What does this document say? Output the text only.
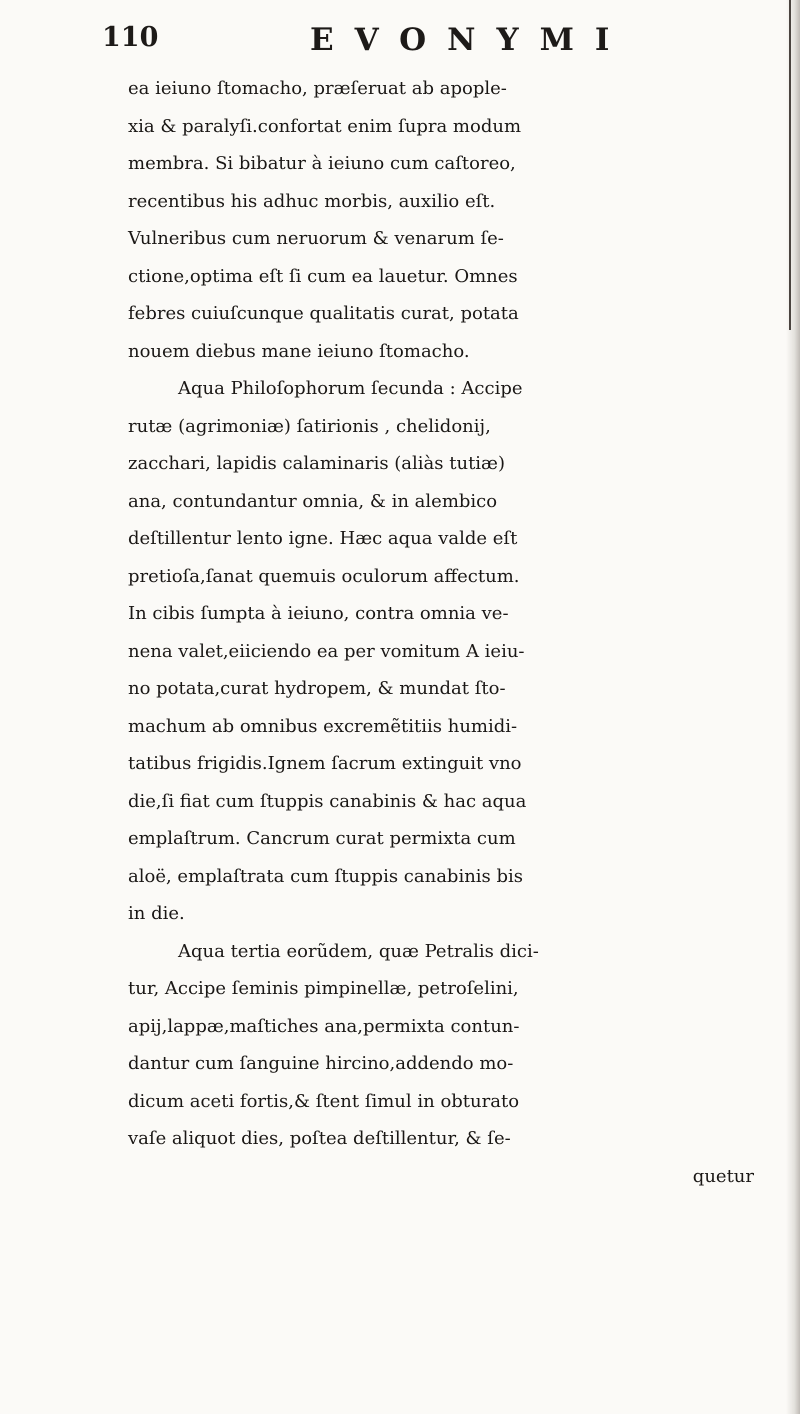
110	EVONYMI
ea ieiuno ſtomacho, præſeruat ab apople-
xia & paralyſi.confortat enim ſupra modum
membra. Si bibatur à ieiuno cum caſtoreo,
recentibus his adhuc morbis, auxilio eſt.
Vulneribus cum neruorum & venarum ſe-
ctione,optima eſt ſi cum ea lauetur. Omnes
febres cuiuſcunque qualitatis curat, potata
nouem diebus mane ieiuno ſtomacho.
Aqua Philoſophorum ſecunda : Accipe
rutæ (agrimoniæ) ſatirionis , chelidonij,
zacchari, lapidis calaminaris (aliàs tutiæ)
ana, contundantur omnia, & in alembico
deſtillentur lento igne. Hæc aqua valde eſt
pretioſa,ſanat quemuis oculorum affectum.
In cibis ſumpta à ieiuno, contra omnia ve-
nena valet,eiiciendo ea per vomitum A ieiu-
no potata,curat hydropem, & mundat ſto-
machum ab omnibus excremẽtitiis humidi-
tatibus frigidis.Ignem ſacrum extinguit vno
die,ſi fiat cum ſtuppis canabinis & hac aqua
emplaſtrum. Cancrum curat permixta cum
aloë, emplaſtrata cum ſtuppis canabinis bis
in die.
Aqua tertia eorũdem, quæ Petralis dici-
tur, Accipe ſeminis pimpinellæ, petroſelini,
apij,lappæ,maſtiches ana,permixta contun-
dantur cum ſanguine hircino,addendo mo-
dicum aceti fortis,& ſtent ſimul in obturato
vaſe aliquot dies, poſtea deſtillentur, & ſe-
quetur
